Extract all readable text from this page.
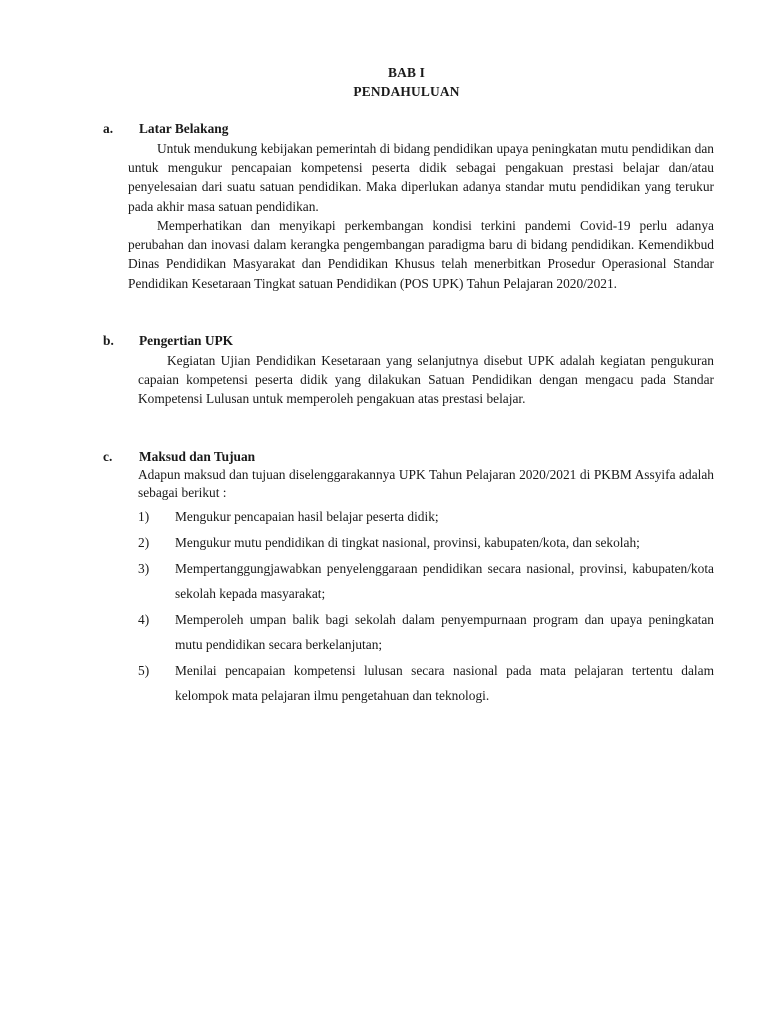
BAB I
PENDAHULUAN
a. Latar Belakang
Untuk mendukung kebijakan pemerintah di bidang pendidikan upaya peningkatan mutu pendidikan dan untuk mengukur pencapaian kompetensi peserta didik sebagai pengakuan prestasi belajar dan/atau penyelesaian dari suatu satuan pendidikan. Maka diperlukan adanya standar mutu pendidikan yang terukur pada akhir masa satuan pendidikan.
Memperhatikan dan menyikapi perkembangan kondisi terkini pandemi Covid-19 perlu adanya perubahan dan inovasi dalam kerangka pengembangan paradigma baru di bidang pendidikan. Kemendikbud Dinas Pendidikan Masyarakat dan Pendidikan Khusus telah menerbitkan Prosedur Operasional Standar Pendidikan Kesetaraan Tingkat satuan Pendidikan (POS UPK) Tahun Pelajaran 2020/2021.
b. Pengertian UPK
Kegiatan Ujian Pendidikan Kesetaraan yang selanjutnya disebut UPK adalah kegiatan pengukuran capaian kompetensi peserta didik yang dilakukan Satuan Pendidikan dengan mengacu pada Standar Kompetensi Lulusan untuk memperoleh pengakuan atas prestasi belajar.
c. Maksud dan Tujuan
Adapun maksud dan tujuan diselenggarakannya UPK Tahun Pelajaran 2020/2021 di PKBM Assyifa adalah sebagai berikut :
1) Mengukur pencapaian hasil belajar peserta didik;
2) Mengukur mutu pendidikan di tingkat nasional, provinsi, kabupaten/kota, dan sekolah;
3) Mempertanggungjawabkan penyelenggaraan pendidikan secara nasional, provinsi, kabupaten/kota sekolah kepada masyarakat;
4) Memperoleh umpan balik bagi sekolah dalam penyempurnaan program dan upaya peningkatan mutu pendidikan secara berkelanjutan;
5) Menilai pencapaian kompetensi lulusan secara nasional pada mata pelajaran tertentu dalam kelompok mata pelajaran ilmu pengetahuan dan teknologi.
